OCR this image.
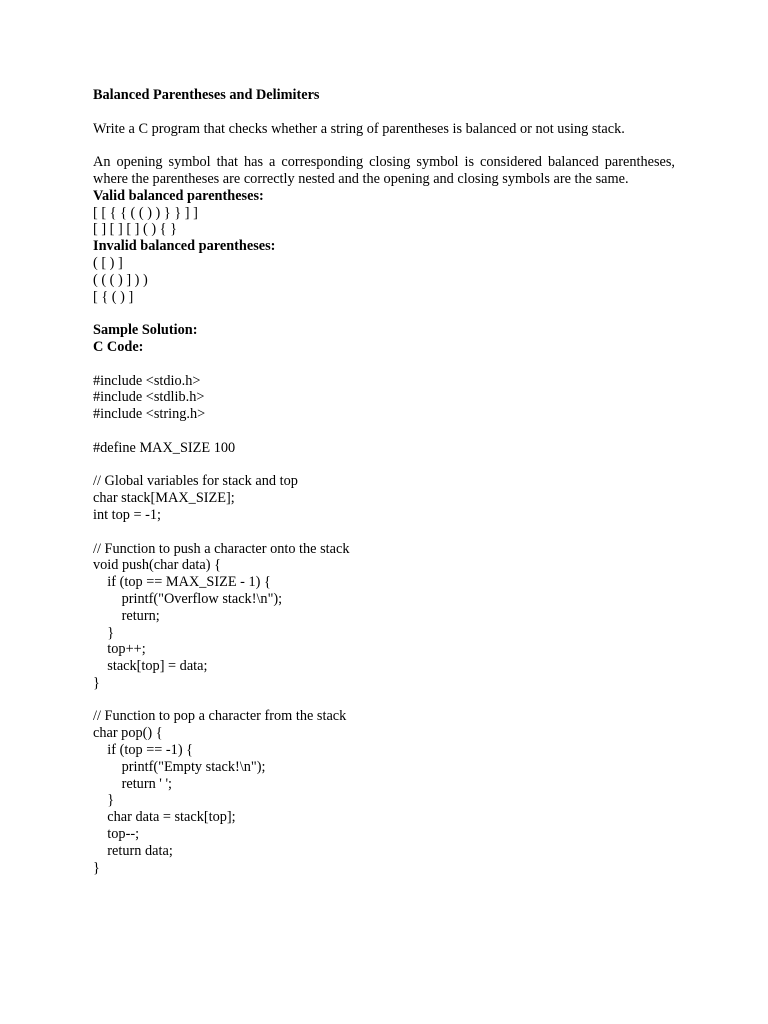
Balanced Parentheses and Delimiters
Write a C program that checks whether a string of parentheses is balanced or not using stack.
An opening symbol that has a corresponding closing symbol is considered balanced parentheses, where the parentheses are correctly nested and the opening and closing symbols are the same.
Valid balanced parentheses:
[ [ { { ( ( ) ) } } ] ]
[ ] [ ] [ ] ( ) { }
Invalid balanced parentheses:
( [ ) ]
( ( ( ) ] ) )
[ { ( ) ]
Sample Solution:
C Code:
#include <stdio.h>
#include <stdlib.h>
#include <string.h>
#define MAX_SIZE 100
// Global variables for stack and top
char stack[MAX_SIZE];
int top = -1;
// Function to push a character onto the stack
void push(char data) {
if (top == MAX_SIZE - 1) {
printf("Overflow stack!\n");
return;
}
top++;
stack[top] = data;
}
// Function to pop a character from the stack
char pop() {
if (top == -1) {
printf("Empty stack!\n");
return ' ';
}
char data = stack[top];
top--;
return data;
}
